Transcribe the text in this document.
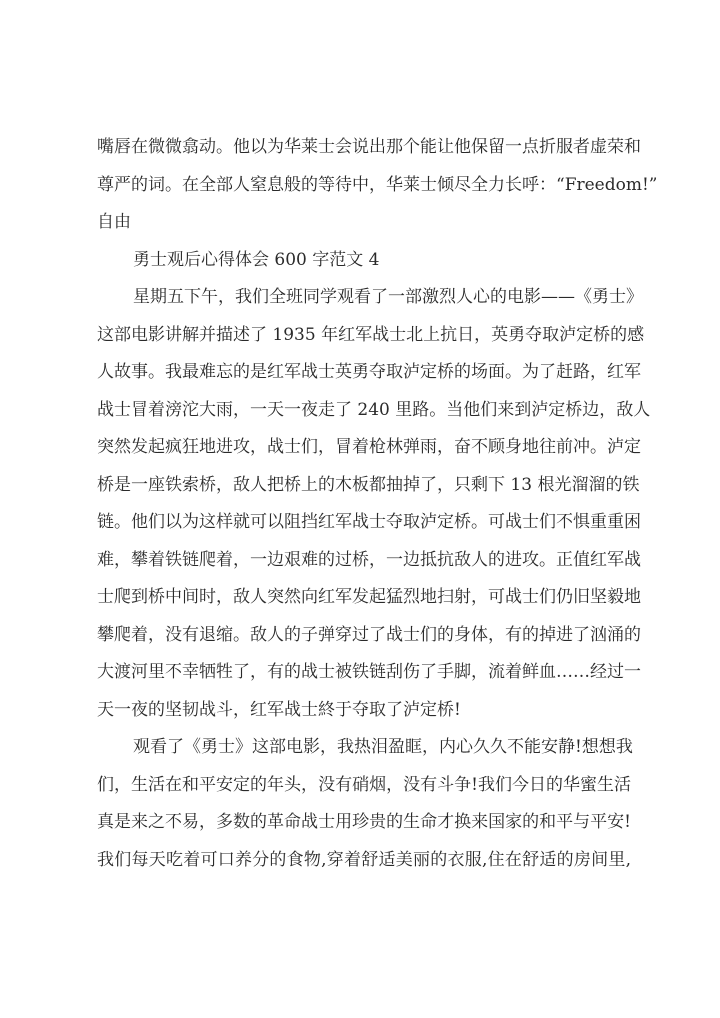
嘴唇在微微翕动。他以为华莱士会说出那个能让他保留一点折服者虚荣和
尊严的词。在全部人窒息般的等待中，华莱士倾尽全力长呼：“Freedom!”
自由
勇士观后心得体会 600 字范文 4
星期五下午，我们全班同学观看了一部激烈人心的电影——《勇士》
这部电影讲解并描述了 1935 年红军战士北上抗日，英勇夺取泸定桥的感
人故事。我最难忘的是红军战士英勇夺取泸定桥的场面。为了赶路，红军
战士冒着滂沱大雨，一天一夜走了 240 里路。当他们来到泸定桥边，敌人
突然发起疯狂地进攻，战士们，冒着枪林弹雨，奋不顾身地往前冲。泸定
桥是一座铁索桥，敌人把桥上的木板都抽掉了，只剩下 13 根光溜溜的铁
链。他们以为这样就可以阻挡红军战士夺取泸定桥。可战士们不惧重重困
难，攀着铁链爬着，一边艰难的过桥，一边抵抗敌人的进攻。正值红军战
士爬到桥中间时，敌人突然向红军发起猛烈地扫射，可战士们仍旧坚毅地
攀爬着，没有退缩。敌人的子弹穿过了战士们的身体，有的掉进了汹涌的
大渡河里不幸牺牲了，有的战士被铁链刮伤了手脚，流着鲜血……经过一
天一夜的坚韧战斗，红军战士終于夺取了泸定桥!
观看了《勇士》这部电影，我热泪盈眶，内心久久不能安静!想想我
们，生活在和平安定的年头，没有硝烟，没有斗争!我们今日的华蜜生活
真是来之不易，多数的革命战士用珍贵的生命才换来国家的和平与平安!
我们每天吃着可口养分的食物,穿着舒适美丽的衣服,住在舒适的房间里,
